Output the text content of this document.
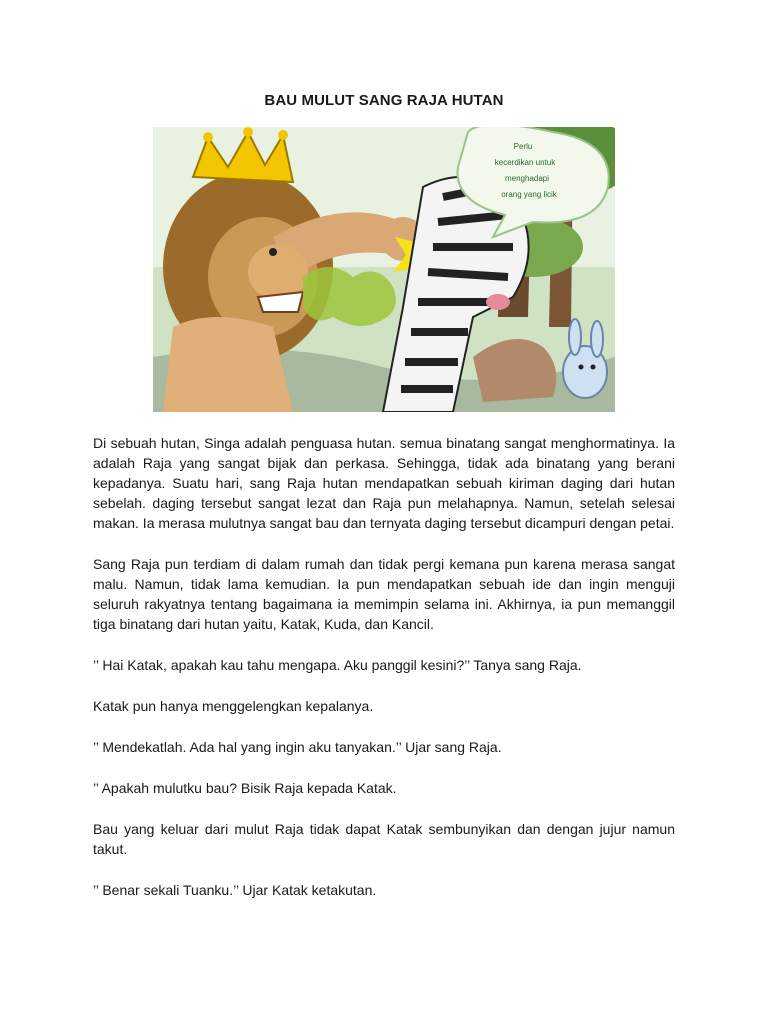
BAU MULUT SANG RAJA HUTAN
Perlu
kecerdikan untuk
menghadapi
orang yang licik

Di sebuah hutan, Singa adalah penguasa hutan. semua binatang sangat menghormatinya. Ia adalah Raja yang sangat bijak dan perkasa. Sehingga, tidak ada binatang yang berani kepadanya. Suatu hari, sang Raja hutan mendapatkan sebuah kiriman daging dari hutan sebelah. daging tersebut sangat lezat dan Raja pun melahapnya. Namun, setelah selesai makan. Ia merasa mulutnya sangat bau dan ternyata daging tersebut dicampuri dengan petai.

Sang Raja pun terdiam di dalam rumah dan tidak pergi kemana pun karena merasa sangat malu. Namun, tidak lama kemudian. Ia pun mendapatkan sebuah ide dan ingin menguji seluruh rakyatnya tentang bagaimana ia memimpin selama ini. Akhirnya, ia pun memanggil tiga binatang dari hutan yaitu, Katak, Kuda, dan Kancil.

’’ Hai Katak, apakah kau tahu mengapa. Aku panggil kesini?’’ Tanya sang Raja.

Katak pun hanya menggelengkan kepalanya.

’’ Mendekatlah. Ada hal yang ingin aku tanyakan.’’ Ujar sang Raja.

’’ Apakah mulutku bau? Bisik Raja kepada Katak.

Bau yang keluar dari mulut Raja tidak dapat Katak sembunyikan dan dengan jujur namun takut.

’’ Benar sekali Tuanku.’’ Ujar Katak ketakutan.
